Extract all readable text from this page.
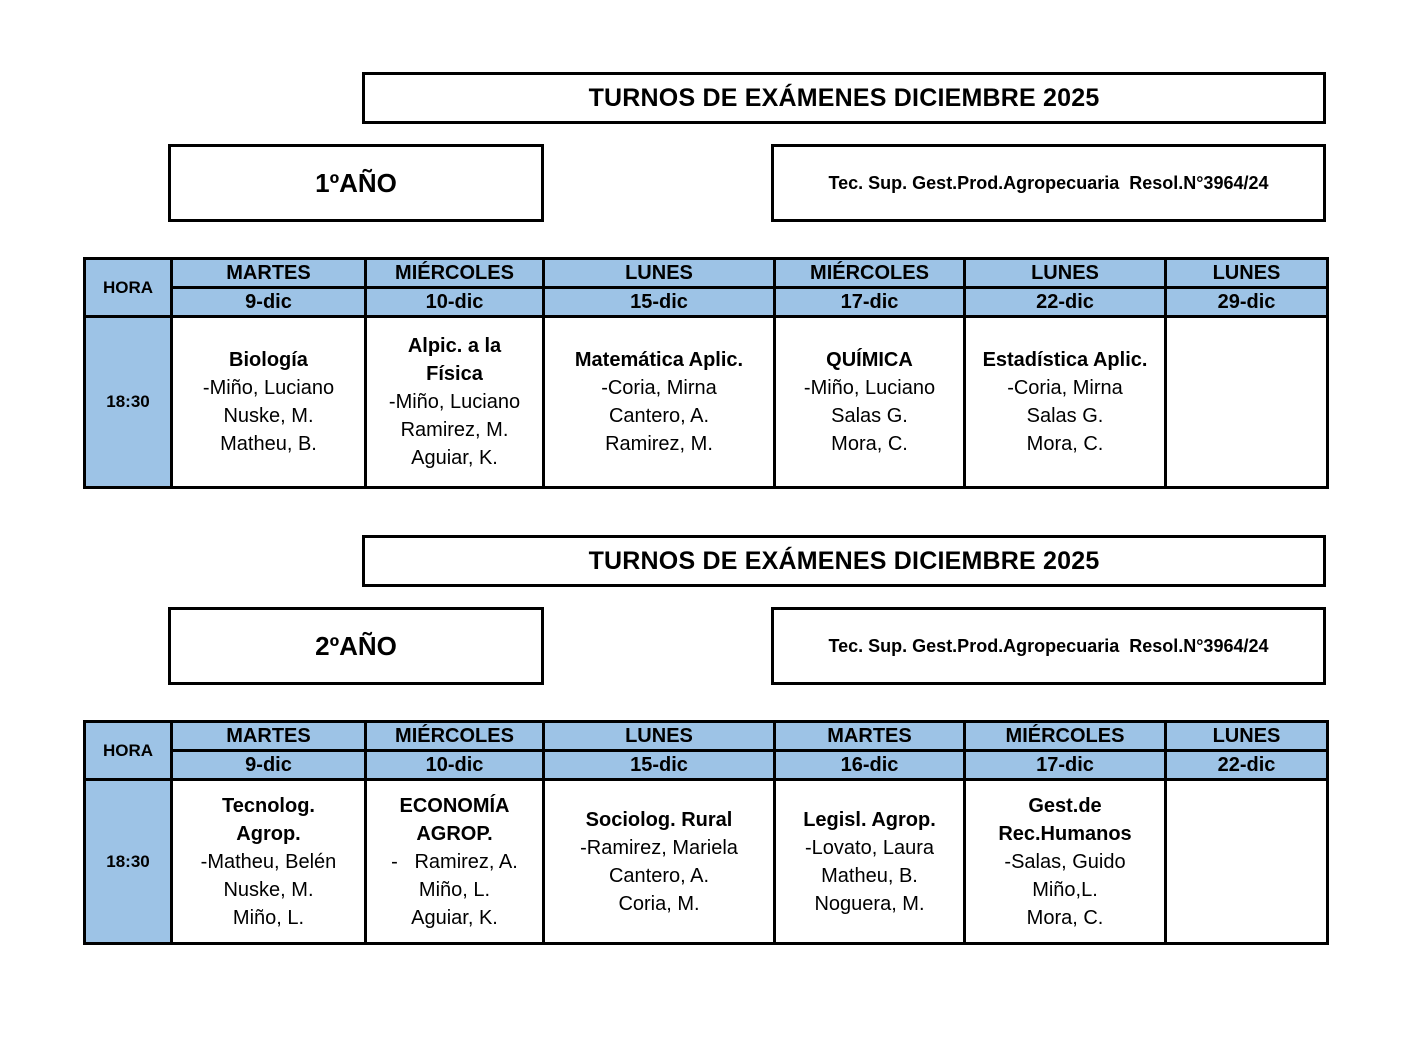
TURNOS DE EXÁMENES DICIEMBRE 2025
1ºAÑO	Tec. Sup. Gest.Prod.Agropecuaria  Resol.N°3964/24
HORA	MARTES	MIÉRCOLES	LUNES	MIÉRCOLES	LUNES	LUNES
	9-dic	10-dic	15-dic	17-dic	22-dic	29-dic
18:30	Biología
-Miño, Luciano
Nuske, M.
Matheu, B.	Alpic. a la
Física
-Miño, Luciano
Ramirez, M.
Aguiar, K.	Matemática Aplic.
-Coria, Mirna
Cantero, A.
Ramirez, M.	QUÍMICA
-Miño, Luciano
Salas G.
Mora, C.	Estadística Aplic.
-Coria, Mirna
Salas G.
Mora, C.	

TURNOS DE EXÁMENES DICIEMBRE 2025
2ºAÑO	Tec. Sup. Gest.Prod.Agropecuaria  Resol.N°3964/24
HORA	MARTES	MIÉRCOLES	LUNES	MARTES	MIÉRCOLES	LUNES
	9-dic	10-dic	15-dic	16-dic	17-dic	22-dic
18:30	Tecnolog.
Agrop.
-Matheu, Belén
Nuske, M.
Miño, L.	ECONOMÍA
AGROP.
-   Ramirez, A.
Miño, L.
Aguiar, K.	Sociolog. Rural
-Ramirez, Mariela
Cantero, A.
Coria, M.	Legisl. Agrop.
-Lovato, Laura
Matheu, B.
Noguera, M.	Gest.de
Rec.Humanos
-Salas, Guido
Miño,L.
Mora, C.	
